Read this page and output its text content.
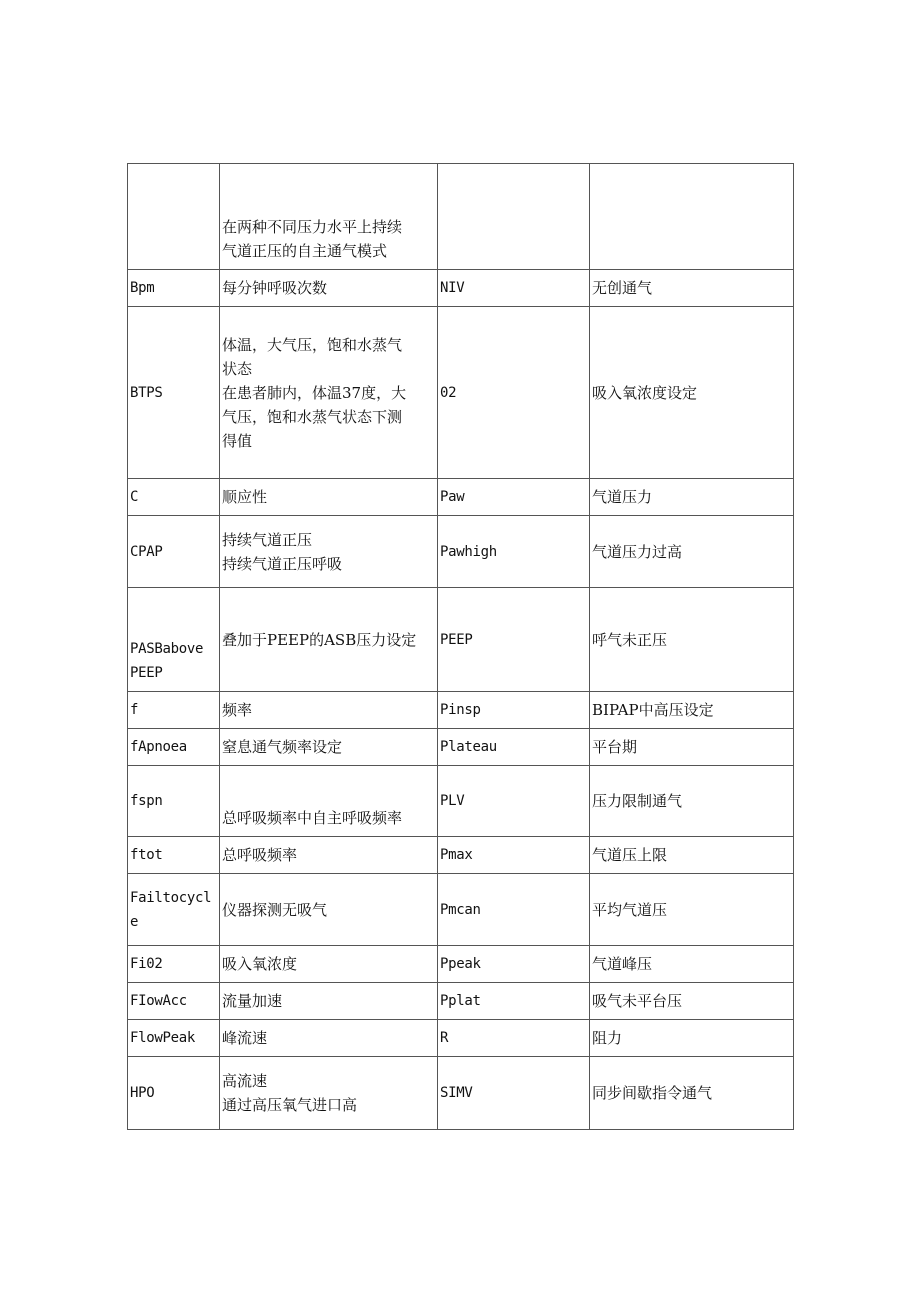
	在两种不同压力水平上持续
气道正压的自主通气模式		

Bpm	每分钟呼吸次数	NIV	无创通气
BTPS	体温，大气压，饱和水蒸气
状态
在患者肺内，体温37度，大
气压，饱和水蒸气状态下测
得值	02	吸入氧浓度设定
C	顺应性	Paw	气道压力
CPAP	持续气道正压
持续气道正压呼吸	Pawhigh	气道压力过高

PASBabove
PEEP	叠加于PEEP的ASB压力设定	PEEP	呼气未正压
f	频率	Pinsp	BIPAP中高压设定
fApnoea	窒息通气频率设定	Plateau	平台期
fspn	总呼吸频率中自主呼吸频率	PLV	压力限制通气
ftot	总呼吸频率	Pmax	气道压上限

Failtocycl
e	仪器探测无吸气	Pmcan	平均气道压
Fi02	吸入氧浓度	Ppeak	气道峰压
FIowAcc	流量加速	Pplat	吸气未平台压
FlowPeak	峰流速	R	阻力
HPO	高流速
通过高压氧气进口高	SIMV	同步间歇指令通气
